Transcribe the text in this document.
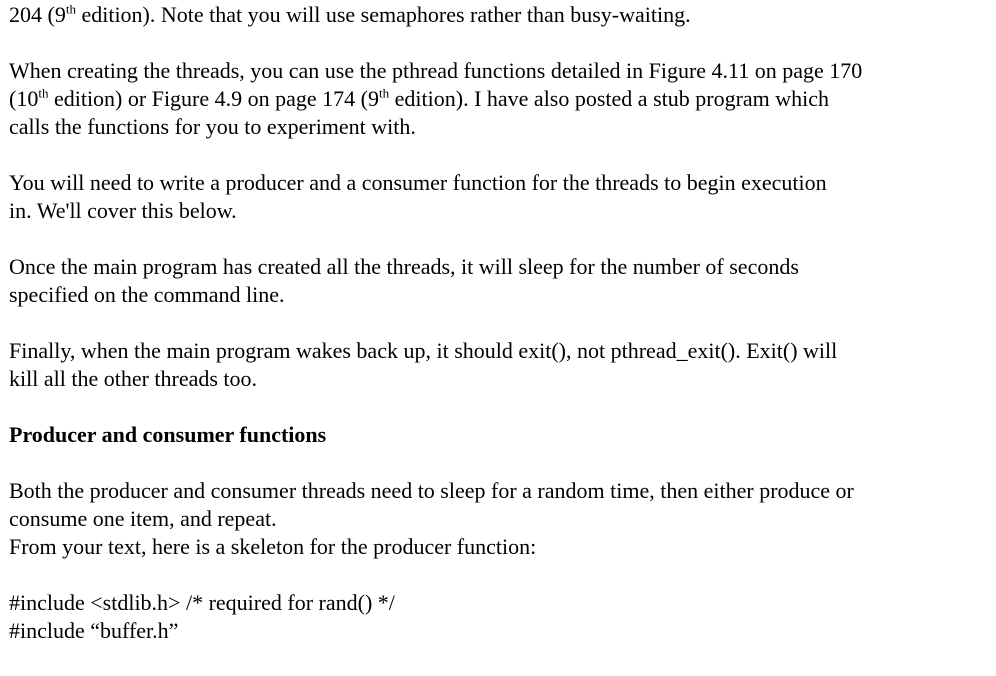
204 (9th edition). Note that you will use semaphores rather than busy-waiting.

When creating the threads, you can use the pthread functions detailed in Figure 4.11 on page 170
(10th edition) or Figure 4.9 on page 174 (9th edition). I have also posted a stub program which
calls the functions for you to experiment with.

You will need to write a producer and a consumer function for the threads to begin execution
in. We'll cover this below.

Once the main program has created all the threads, it will sleep for the number of seconds
specified on the command line.

Finally, when the main program wakes back up, it should exit(), not pthread_exit(). Exit() will
kill all the other threads too.

Producer and consumer functions

Both the producer and consumer threads need to sleep for a random time, then either produce or
consume one item, and repeat.
From your text, here is a skeleton for the producer function:

#include <stdlib.h> /* required for rand() */
#include “buffer.h”
